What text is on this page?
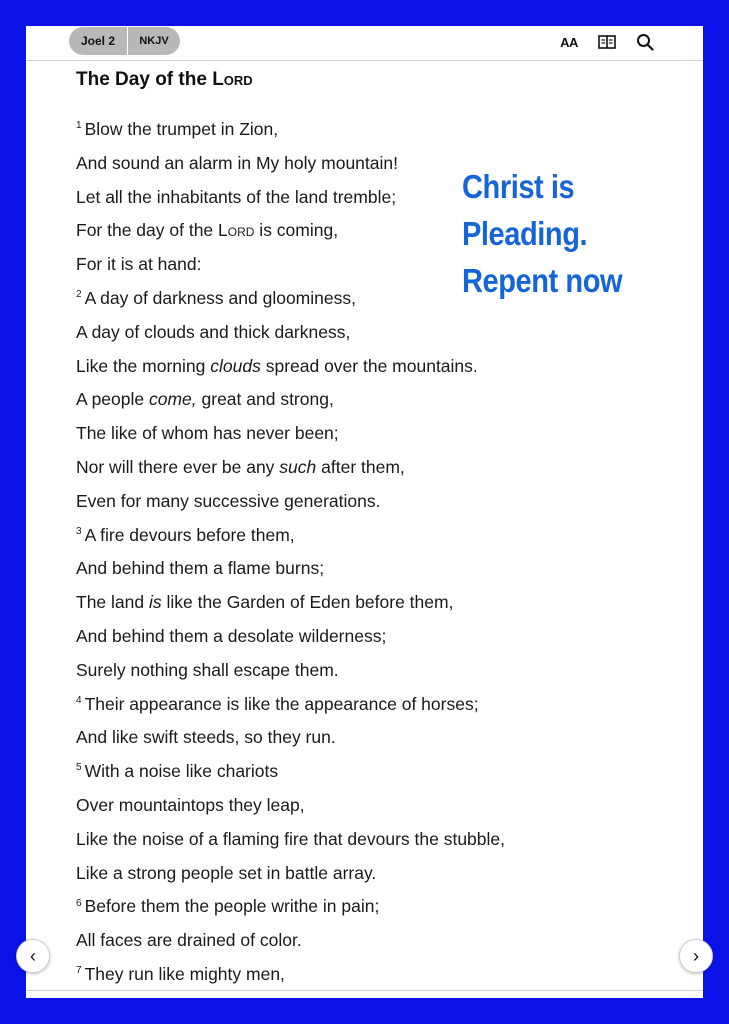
Joel 2	NKJV	AA
The Day of the Lord
$^1$ Blow the trumpet in Zion,
And sound an alarm in My holy mountain!
Let all the inhabitants of the land tremble;
For the day of the Lord is coming,
For it is at hand:
$^2$ A day of darkness and gloominess,
A day of clouds and thick darkness,
Like the morning clouds spread over the mountains.
A people come, great and strong,
The like of whom has never been;
Nor will there ever be any such after them,
Even for many successive generations.
$^3$ A fire devours before them,
And behind them a flame burns;
The land is like the Garden of Eden before them,
And behind them a desolate wilderness;
Surely nothing shall escape them.
$^4$ Their appearance is like the appearance of horses;
And like swift steeds, so they run.
$^5$ With a noise like chariots
Over mountaintops they leap,
Like the noise of a flaming fire that devours the stubble,
Like a strong people set in battle array.
$^6$ Before them the people writhe in pain;
All faces are drained of color.
$^7$ They run like mighty men,
Christ is
Pleading.
Repent now
‹	›
